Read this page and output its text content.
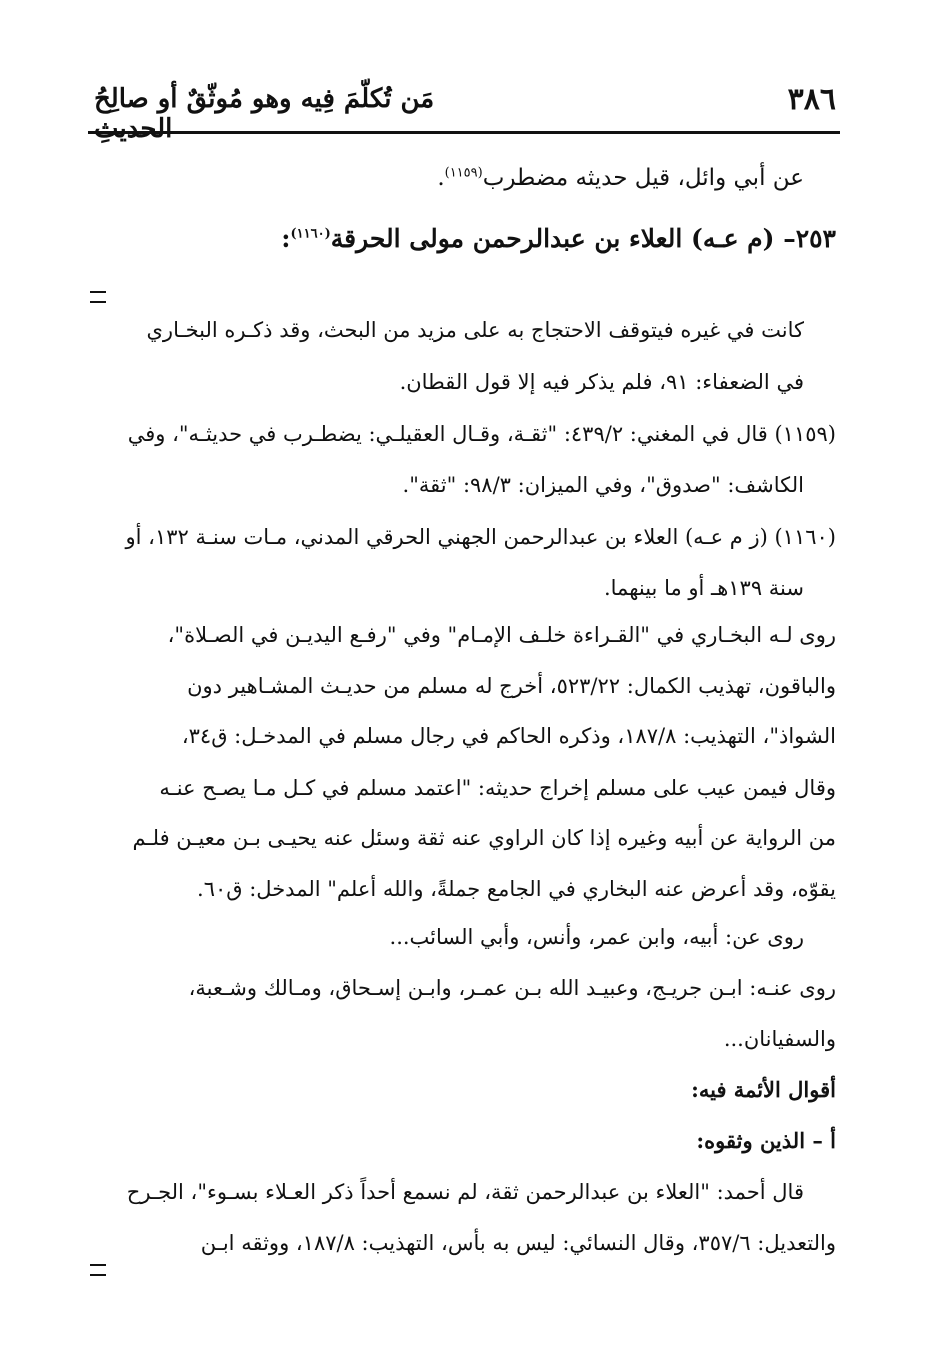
٣٨٦
مَن تُكلّمَ فِيه وهو مُوثّقٌ أو صالِحُ الحديثِ
عن أبي وائل، قيل حديثه مضطرب$^{(١١٥٩)}$.
٢٥٣– (م عـه) العلاء بن عبدالرحمن مولى الحرقة$^{(١١٦٠)}$:
كانت في غيره فيتوقف الاحتجاج به على مزيد من البحث، وقد ذكـره البخـاري
في الضعفاء: ٩١، فلم يذكر فيه إلا قول القطان.
(١١٥٩) قال في المغني: ٤٣٩/٢: "ثقـة، وقـال العقيلـي: يضطـرب في حديثـه"، وفي
الكاشف: "صدوق"، وفي الميزان: ٩٨/٣: "ثقة".
(١١٦٠) (ز م عـه) العلاء بن عبدالرحمن الجهني الحرقي المدني، مـات سنـة ١٣٢، أو
سنة ١٣٩هـ أو ما بينهما.
روى لـه البخـاري في "القـراءة خلـف الإمـام" وفي "رفـع اليديـن في الصـلاة"،
والباقون، تهذيب الكمال: ٥٢٣/٢٢، أخرج له مسلم من حديـث المشـاهير دون
الشواذ"، التهذيب: ١٨٧/٨، وذكره الحاكم في رجال مسلم في المدخـل: ق٣٤،
وقال فيمن عيب على مسلم إخراج حديثه: "اعتمد مسلم في كـل مـا يصـح عنـه
من الرواية عن أبيه وغيره إذا كان الراوي عنه ثقة وسئل عنه يحيـى بـن معيـن فلـم
يقوّه، وقد أعرض عنه البخاري في الجامع جملةً، والله أعلم" المدخل: ق٦٠.
روى عن: أبيه، وابن عمر، وأنس، وأبي السائب...
روى عنـه: ابـن جريـج، وعبيـد الله بـن عمـر، وابـن إسـحاق، ومـالك وشـعبة،
والسفيانان...
أقوال الأئمة فيه:
أ – الذين وثقوه:
قال أحمد: "العلاء بن عبدالرحمن ثقة، لم نسمع أحداً ذكر العـلاء بسـوء"، الجـرح
والتعديل: ٣٥٧/٦، وقال النسائي: ليس به بأس، التهذيب: ١٨٧/٨، ووثقه ابـن
